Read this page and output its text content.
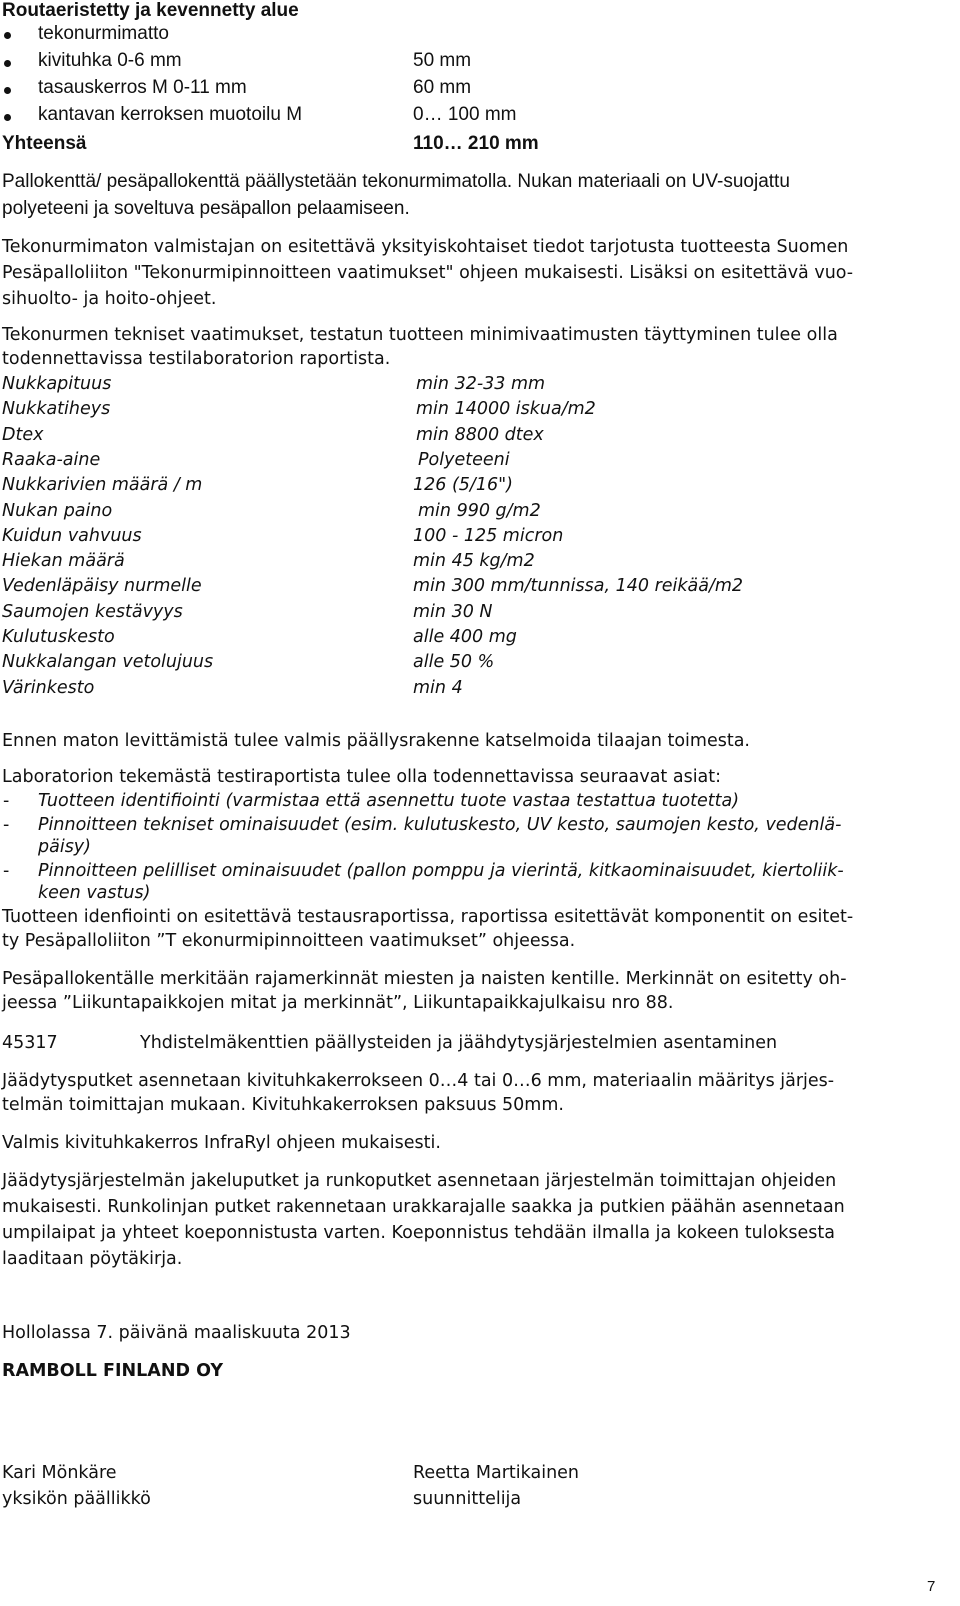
Routaeristetty ja kevennetty alue
tekonurmimatto
kivituhka 0-6 mm	50 mm
tasauskerros M 0-11 mm	60 mm
kantavan kerroksen muotoilu M	0… 100 mm
Yhteensä	110… 210 mm
Pallokenttä/ pesäpallokenttä päällystetään tekonurmimatolla. Nukan materiaali on UV-suojattu
polyeteeni ja soveltuva pesäpallon pelaamiseen.
Tekonurmimaton valmistajan on esitettävä yksityiskohtaiset tiedot tarjotusta tuotteesta Suomen
Pesäpalloliiton "Tekonurmipinnoitteen vaatimukset" ohjeen mukaisesti. Lisäksi on esitettävä vuo-
sihuolto- ja hoito-ohjeet.
Tekonurmen tekniset vaatimukset, testatun tuotteen minimivaatimusten täyttyminen tulee olla
todennettavissa testilaboratorion raportista.
Nukkapituus	min 32-33 mm
Nukkatiheys	min 14000 iskua/m2
Dtex	min 8800 dtex
Raaka-aine	Polyeteeni
Nukkarivien määrä / m	126 (5/16")
Nukan paino	min 990 g/m2
Kuidun vahvuus	100 - 125 micron
Hiekan määrä	min 45 kg/m2
Vedenläpäisy nurmelle	min 300 mm/tunnissa, 140 reikää/m2
Saumojen kestävyys	min 30 N
Kulutuskesto	alle 400 mg
Nukkalangan vetolujuus	alle 50 %
Värinkesto	min 4
Ennen maton levittämistä tulee valmis päällysrakenne katselmoida tilaajan toimesta.
Laboratorion tekemästä testiraportista tulee olla todennettavissa seuraavat asiat:
- Tuotteen identifiointi (varmistaa että asennettu tuote vastaa testattua tuotetta)
- Pinnoitteen tekniset ominaisuudet (esim. kulutuskesto, UV kesto, saumojen kesto, vedenlä-
päisy)
- Pinnoitteen pelilliset ominaisuudet (pallon pomppu ja vierintä, kitkaominaisuudet, kiertoliik-
keen vastus)
Tuotteen idenfiointi on esitettävä testausraportissa, raportissa esitettävät komponentit on esitet-
ty Pesäpalloliiton ”T ekonurmipinnoitteen vaatimukset” ohjeessa.
Pesäpallokentälle merkitään rajamerkinnät miesten ja naisten kentille. Merkinnät on esitetty oh-
jeessa ”Liikuntapaikkojen mitat ja merkinnät”, Liikuntapaikkajulkaisu nro 88.
45317	Yhdistelmäkenttien päällysteiden ja jäähdytysjärjestelmien asentaminen
Jäädytysputket asennetaan kivituhkakerrokseen 0…4 tai 0…6 mm, materiaalin määritys järjes-
telmän toimittajan mukaan. Kivituhkakerroksen paksuus 50mm.
Valmis kivituhkakerros InfraRyl ohjeen mukaisesti.
Jäädytysjärjestelmän jakeluputket ja runkoputket asennetaan järjestelmän toimittajan ohjeiden
mukaisesti. Runkolinjan putket rakennetaan urakkarajalle saakka ja putkien päähän asennetaan
umpilaipat ja yhteet koeponnistusta varten. Koeponnistus tehdään ilmalla ja kokeen tuloksesta
laaditaan pöytäkirja.
Hollolassa 7. päivänä maaliskuuta 2013
RAMBOLL FINLAND OY
Kari Mönkäre
yksikön päällikkö
Reetta Martikainen
suunnittelija
7
